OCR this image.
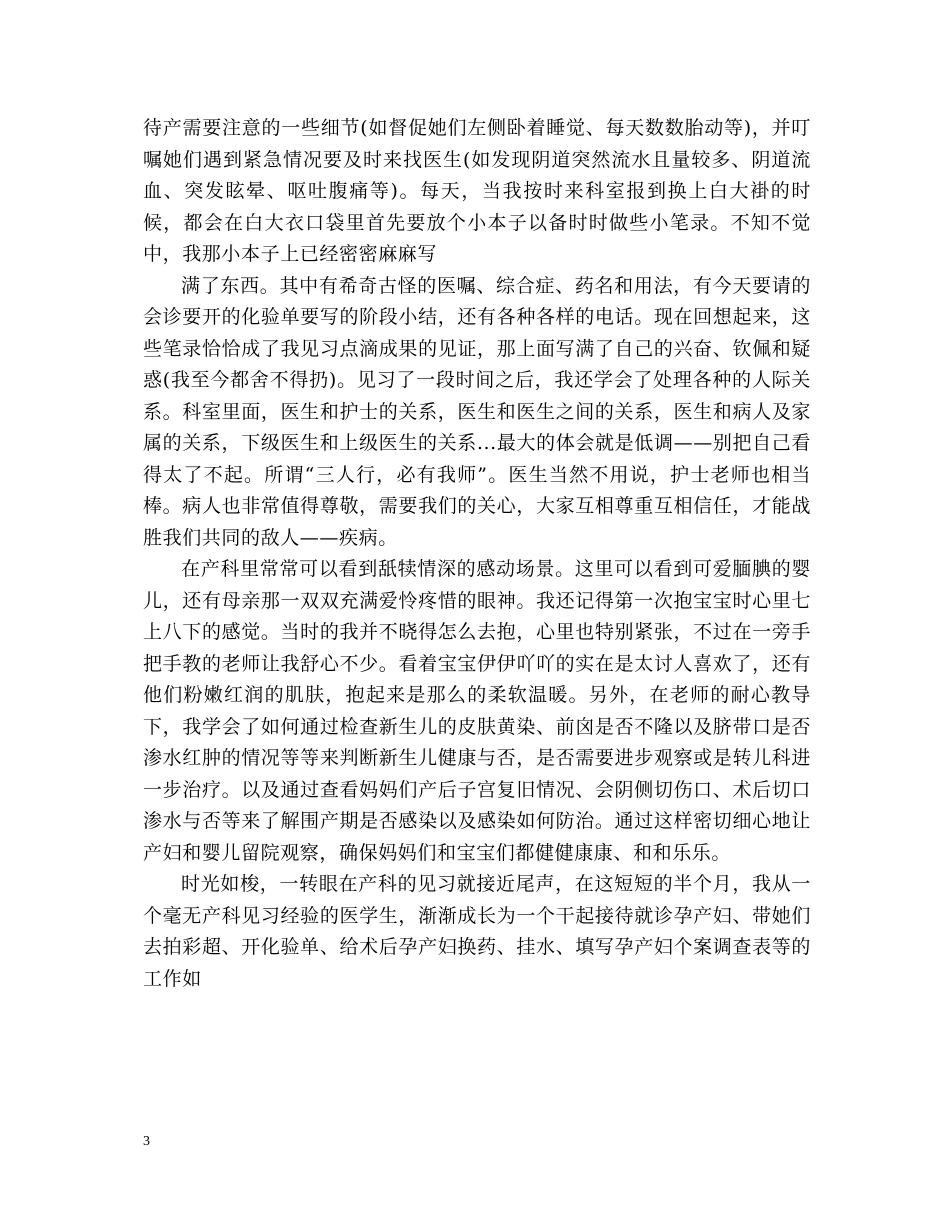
待产需要注意的一些细节(如督促她们左侧卧着睡觉、每天数数胎动等)，并叮嘱她们遇到紧急情况要及时来找医生(如发现阴道突然流水且量较多、阴道流血、突发眩晕、呕吐腹痛等)。每天，当我按时来科室报到换上白大褂的时候，都会在白大衣口袋里首先要放个小本子以备时时做些小笔录。不知不觉中，我那小本子上已经密密麻麻写

满了东西。其中有希奇古怪的医嘱、综合症、药名和用法，有今天要请的会诊要开的化验单要写的阶段小结，还有各种各样的电话。现在回想起来，这些笔录恰恰成了我见习点滴成果的见证，那上面写满了自己的兴奋、钦佩和疑惑(我至今都舍不得扔)。见习了一段时间之后，我还学会了处理各种的人际关系。科室里面，医生和护士的关系，医生和医生之间的关系，医生和病人及家属的关系，下级医生和上级医生的关系...最大的体会就是低调——别把自己看得太了不起。所谓“三人行，必有我师”。医生当然不用说，护士老师也相当棒。病人也非常值得尊敬，需要我们的关心，大家互相尊重互相信任，才能战胜我们共同的敌人——疾病。

在产科里常常可以看到舐犊情深的感动场景。这里可以看到可爱腼腆的婴儿，还有母亲那一双双充满爱怜疼惜的眼神。我还记得第一次抱宝宝时心里七上八下的感觉。当时的我并不晓得怎么去抱，心里也特别紧张，不过在一旁手把手教的老师让我舒心不少。看着宝宝伊伊吖吖的实在是太讨人喜欢了，还有他们粉嫩红润的肌肤，抱起来是那么的柔软温暖。另外，在老师的耐心教导下，我学会了如何通过检查新生儿的皮肤黄染、前囟是否不隆以及脐带口是否渗水红肿的情况等等来判断新生儿健康与否，是否需要进步观察或是转儿科进一步治疗。以及通过查看妈妈们产后子宫复旧情况、会阴侧切伤口、术后切口渗水与否等来了解围产期是否感染以及感染如何防治。通过这样密切细心地让产妇和婴儿留院观察，确保妈妈们和宝宝们都健健康康、和和乐乐。

时光如梭，一转眼在产科的见习就接近尾声，在这短短的半个月，我从一个毫无产科见习经验的医学生，渐渐成长为一个干起接待就诊孕产妇、带她们去拍彩超、开化验单、给术后孕产妇换药、挂水、填写孕产妇个案调查表等的工作如

3
